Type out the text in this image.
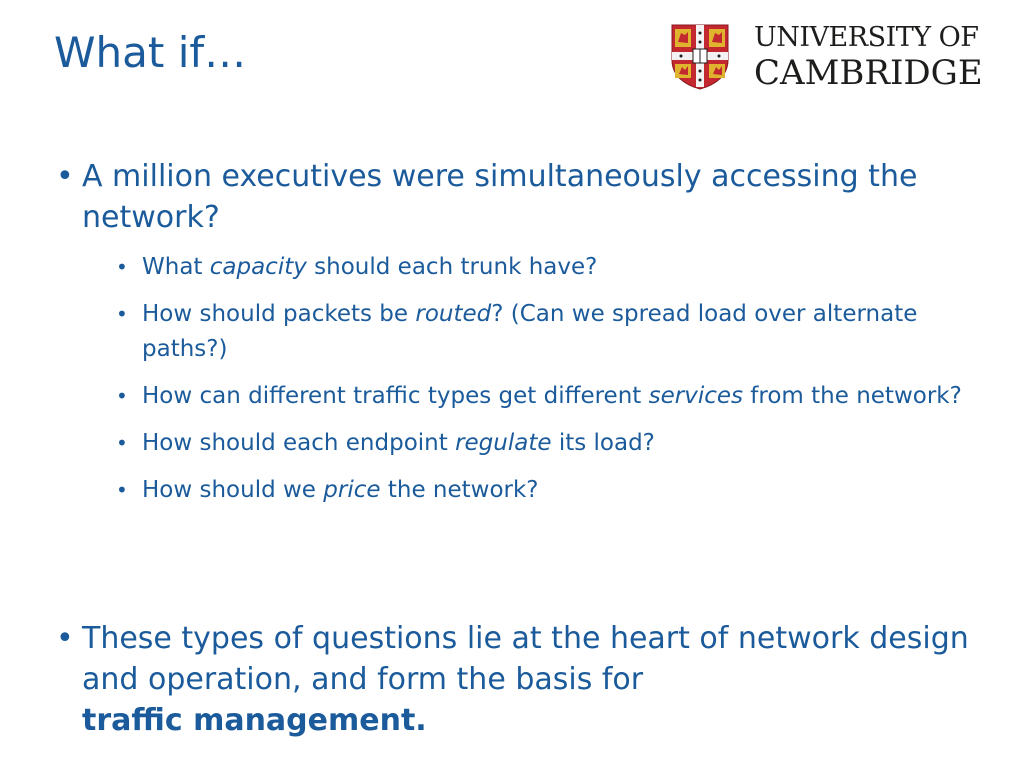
What if…	UNIVERSITY OF
CAMBRIDGE
• A million executives were simultaneously accessing the network?
• What capacity should each trunk have?
• How should packets be routed? (Can we spread load over alternate paths?)
• How can different traffic types get different services from the network?
• How should each endpoint regulate its load?
• How should we price the network?
• These types of questions lie at the heart of network design and operation, and form the basis for
traffic management.
